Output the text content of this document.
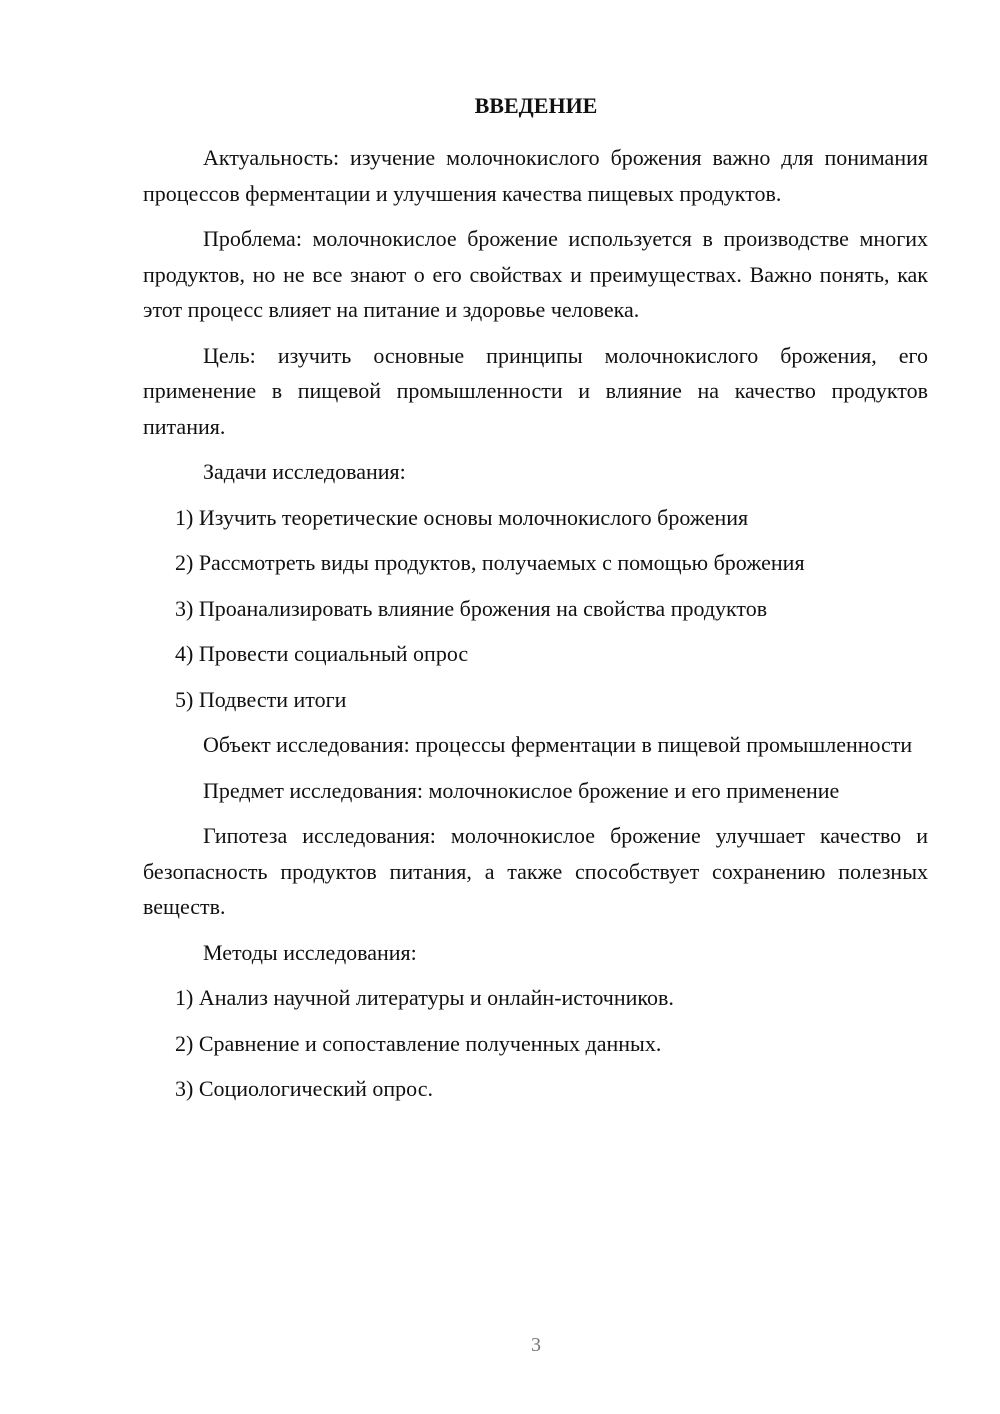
ВВЕДЕНИЕ

Актуальность: изучение молочнокислого брожения важно для понимания процессов ферментации и улучшения качества пищевых продуктов.

Проблема: молочнокислое брожение используется в производстве многих продуктов, но не все знают о его свойствах и преимуществах. Важно понять, как этот процесс влияет на питание и здоровье человека.

Цель: изучить основные принципы молочнокислого брожения, его применение в пищевой промышленности и влияние на качество продуктов питания.

Задачи исследования:

1) Изучить теоретические основы молочнокислого брожения

2) Рассмотреть виды продуктов, получаемых с помощью брожения

3) Проанализировать влияние брожения на свойства продуктов

4) Провести социальный опрос

5) Подвести итоги

Объект исследования: процессы ферментации в пищевой промышленности

Предмет исследования: молочнокислое брожение и его применение

Гипотеза исследования: молочнокислое брожение улучшает качество и безопасность продуктов питания, а также способствует сохранению полезных веществ.

Методы исследования:

1) Анализ научной литературы и онлайн-источников.

2) Сравнение и сопоставление полученных данных.

3) Социологический опрос.

3
